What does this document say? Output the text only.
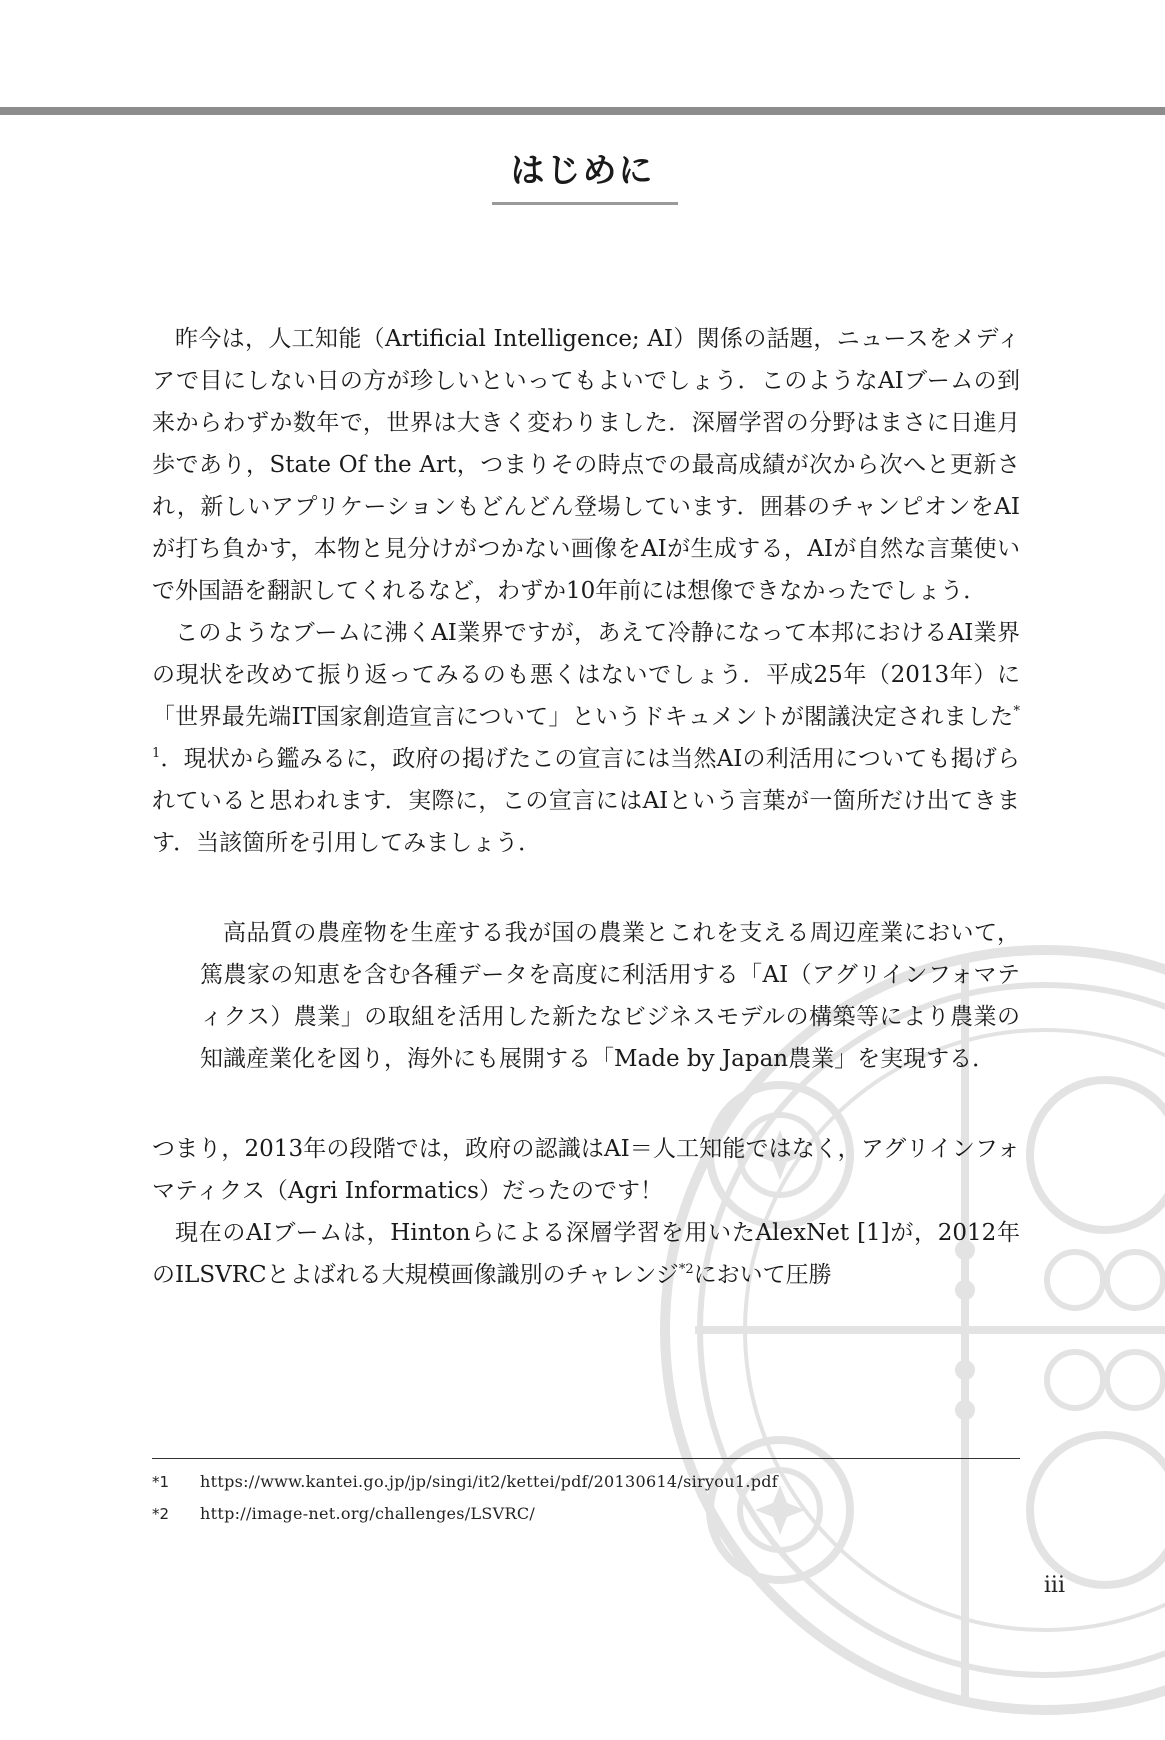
はじめに

昨今は，人工知能（Artificial Intelligence; AI）関係の話題，ニュースをメディアで目にしない日の方が珍しいといってもよいでしょう．このようなAIブームの到来からわずか数年で，世界は大きく変わりました．深層学習の分野はまさに日進月歩であり，State Of the Art，つまりその時点での最高成績が次から次へと更新され，新しいアプリケーションもどんどん登場しています．囲碁のチャンピオンをAIが打ち負かす，本物と見分けがつかない画像をAIが生成する，AIが自然な言葉使いで外国語を翻訳してくれるなど，わずか10年前には想像できなかったでしょう．

このようなブームに沸くAI業界ですが，あえて冷静になって本邦におけるAI業界の現状を改めて振り返ってみるのも悪くはないでしょう．平成25年（2013年）に「世界最先端IT国家創造宣言について」というドキュメントが閣議決定されました$^{*1}$．現状から鑑みるに，政府の掲げたこの宣言には当然AIの利活用についても掲げられていると思われます．実際に，この宣言にはAIという言葉が一箇所だけ出てきます．当該箇所を引用してみましょう．

高品質の農産物を生産する我が国の農業とこれを支える周辺産業において，篤農家の知恵を含む各種データを高度に利活用する「AI（アグリインフォマティクス）農業」の取組を活用した新たなビジネスモデルの構築等により農業の知識産業化を図り，海外にも展開する「Made by Japan農業」を実現する．

つまり，2013年の段階では，政府の認識はAI＝人工知能ではなく，アグリインフォマティクス（Agri Informatics）だったのです！

現在のAIブームは，Hintonらによる深層学習を用いたAlexNet [1]が，2012年のILSVRCとよばれる大規模画像識別のチャレンジ$^{*2}$において圧勝

*1	https://www.kantei.go.jp/jp/singi/it2/kettei/pdf/20130614/siryou1.pdf
*2	http://image-net.org/challenges/LSVRC/
iii
